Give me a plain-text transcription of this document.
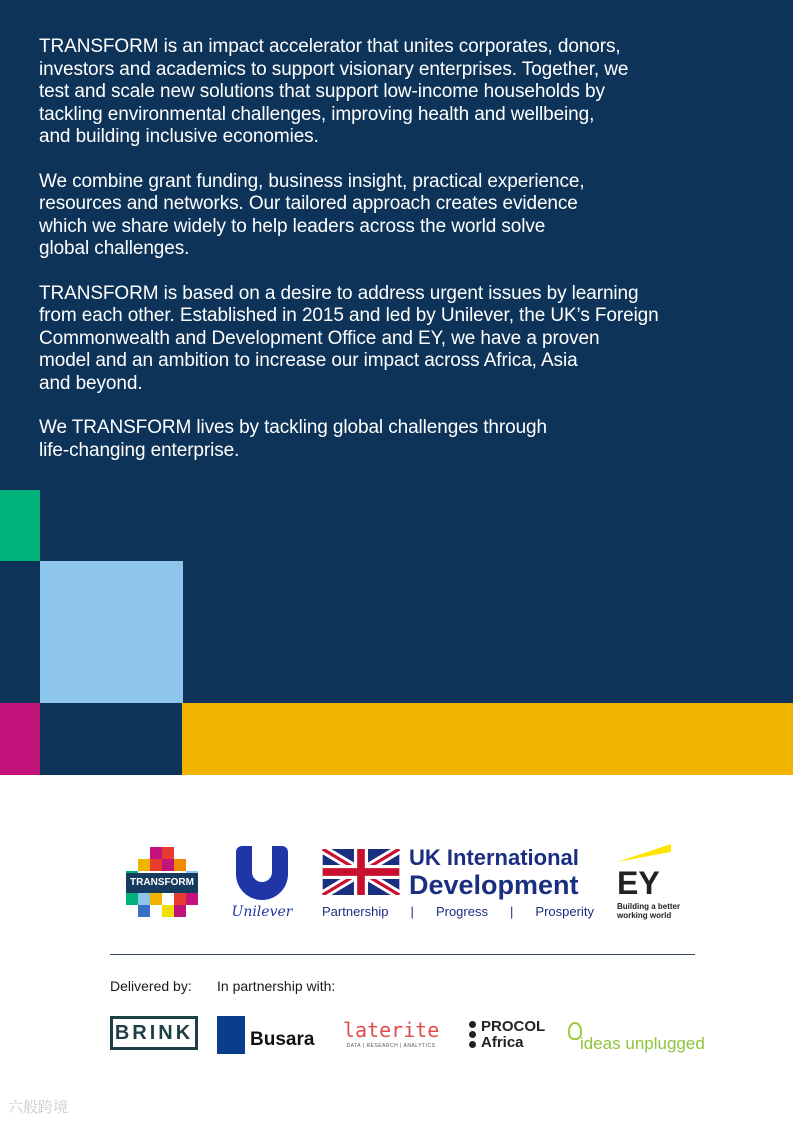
TRANSFORM is an impact accelerator that unites corporates, donors,
investors and academics to support visionary enterprises. Together, we
test and scale new solutions that support low-income households by
tackling environmental challenges, improving health and wellbeing,
and building inclusive economies.

We combine grant funding, business insight, practical experience,
resources and networks. Our tailored approach creates evidence
which we share widely to help leaders across the world solve
global challenges.

TRANSFORM is based on a desire to address urgent issues by learning
from each other. Established in 2015 and led by Unilever, the UK’s Foreign
Commonwealth and Development Office and EY, we have a proven
model and an ambition to increase our impact across Africa, Asia
and beyond.

We TRANSFORM lives by tackling global challenges through
life-changing enterprise.

TRANSFORM
Unilever
UK International
Development
Partnership | Progress | Prosperity
EY
Building a better working world
Delivered by: In partnership with:
BRINK	Busara laterite
DATA | RESEARCH | ANALYTICS
PROCOL
Africa	ideas unplugged
六般跨境
